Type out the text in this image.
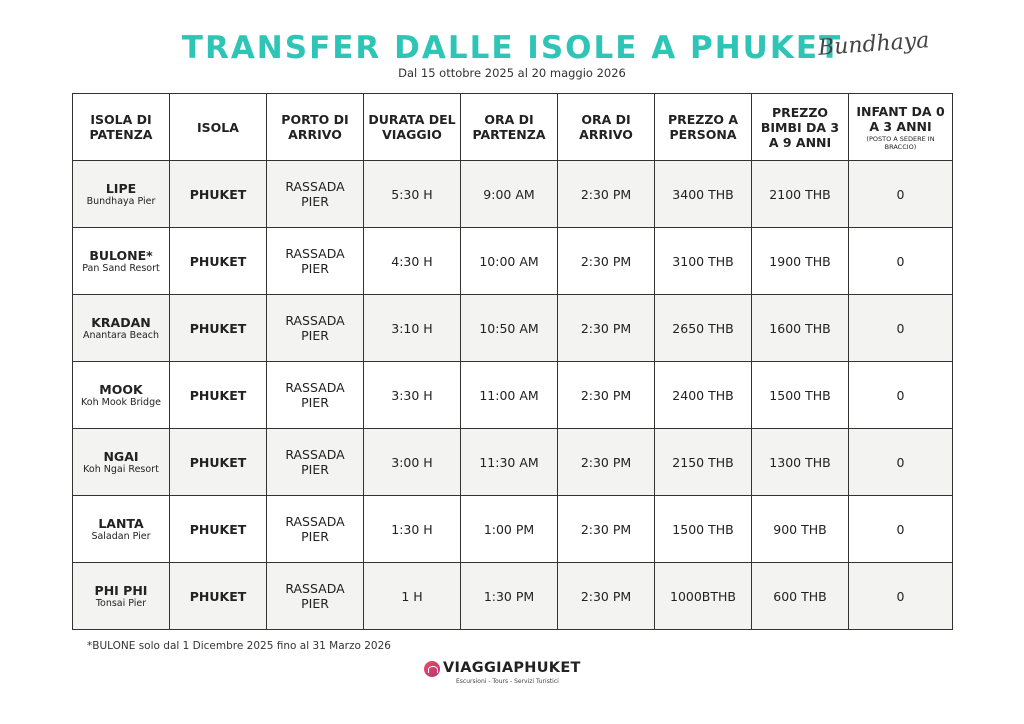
TRANSFER DALLE ISOLE A PHUKET
Bundhaya
Dal 15 ottobre 2025 al 20 maggio 2026
ISOLA DI PATENZA	ISOLA	PORTO DI ARRIVO	DURATA DEL VIAGGIO	ORA DI PARTENZA	ORA DI ARRIVO	PREZZO A PERSONA	PREZZO BIMBI DA 3 A 9 ANNI	INFANT DA 0 A 3 ANNI
(POSTO A SEDERE IN BRACCIO)

LIPE
Bundhaya Pier	PHUKET	RASSADA PIER	5:30 H	9:00 AM	2:30 PM	3400 THB	2100 THB	0

BULONE*
Pan Sand Resort	PHUKET	RASSADA PIER	4:30 H	10:00 AM	2:30 PM	3100 THB	1900 THB	0

KRADAN
Anantara Beach	PHUKET	RASSADA PIER	3:10 H	10:50 AM	2:30 PM	2650 THB	1600 THB	0

MOOK
Koh Mook Bridge	PHUKET	RASSADA PIER	3:30 H	11:00 AM	2:30 PM	2400 THB	1500 THB	0

NGAI
Koh Ngai Resort	PHUKET	RASSADA PIER	3:00 H	11:30 AM	2:30 PM	2150 THB	1300 THB	0

LANTA
Saladan Pier	PHUKET	RASSADA PIER	1:30 H	1:00 PM	2:30 PM	1500 THB	900 THB	0

PHI PHI
Tonsai Pier	PHUKET	RASSADA PIER	1 H	1:30 PM	2:30 PM	1000BTHB	600 THB	0
*BULONE solo dal 1 Dicembre 2025 fino al 31 Marzo 2026
VIAGGIAPHUKET
Escursioni - Tours - Servizi Turistici
